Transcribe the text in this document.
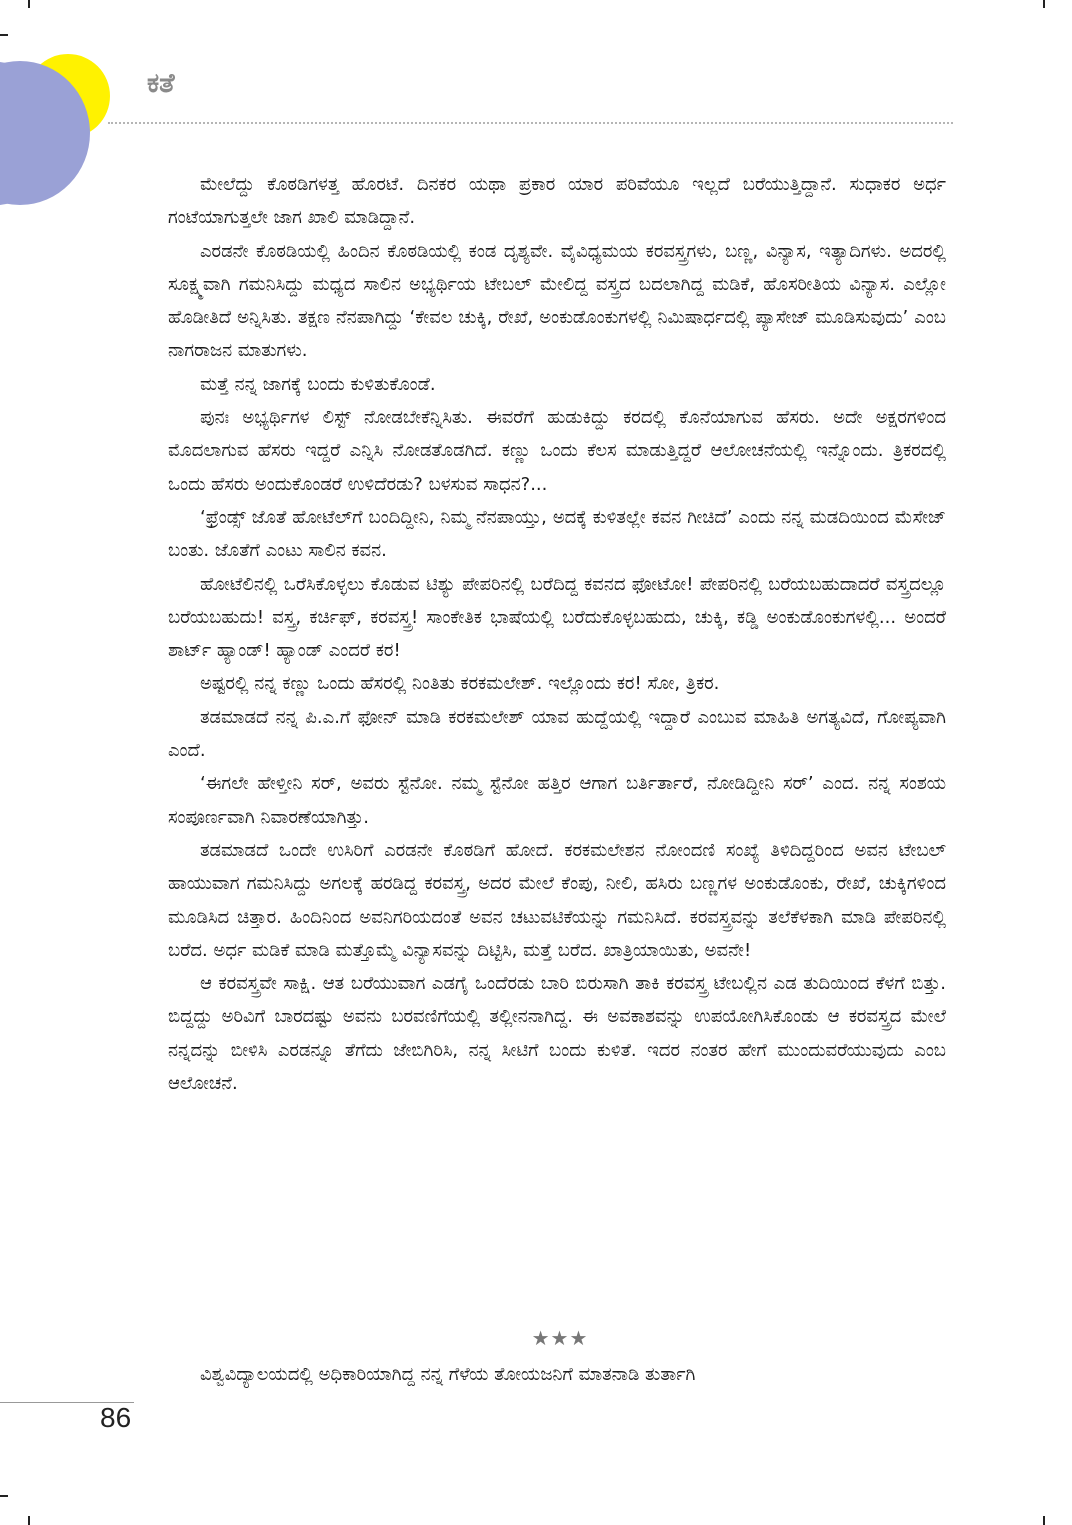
ಕತೆ

ಮೇಲೆದ್ದು ಕೊಠಡಿಗಳತ್ತ ಹೊರಟೆ. ದಿನಕರ ಯಥಾ ಪ್ರಕಾರ ಯಾರ ಪರಿವೆಯೂ ಇಲ್ಲದೆ ಬರೆಯುತ್ತಿದ್ದಾನೆ. ಸುಧಾಕರ ಅರ್ಧ ಗಂಟೆಯಾಗುತ್ತಲೇ ಜಾಗ ಖಾಲಿ ಮಾಡಿದ್ದಾನೆ.

ಎರಡನೇ ಕೊಠಡಿಯಲ್ಲಿ ಹಿಂದಿನ ಕೊಠಡಿಯಲ್ಲಿ ಕಂಡ ದೃಶ್ಯವೇ. ವೈವಿಧ್ಯಮಯ ಕರವಸ್ತ್ರಗಳು, ಬಣ್ಣ, ವಿನ್ಯಾಸ, ಇತ್ಯಾದಿಗಳು. ಅದರಲ್ಲಿ ಸೂಕ್ಷ್ಮವಾಗಿ ಗಮನಿಸಿದ್ದು ಮಧ್ಯದ ಸಾಲಿನ ಅಭ್ಯರ್ಥಿಯ ಟೇಬಲ್ ಮೇಲಿದ್ದ ವಸ್ತ್ರದ ಬದಲಾಗಿದ್ದ ಮಡಿಕೆ, ಹೊಸರೀತಿಯ ವಿನ್ಯಾಸ. ಎಲ್ಲೋ ಹೊಡೀತಿದೆ ಅನ್ನಿಸಿತು. ತಕ್ಷಣ ನೆನಪಾಗಿದ್ದು ‘ಕೇವಲ ಚುಕ್ಕಿ, ರೇಖೆ, ಅಂಕುಡೊಂಕುಗಳಲ್ಲಿ ನಿಮಿಷಾರ್ಧದಲ್ಲಿ ಪ್ಯಾಸೇಜ್ ಮೂಡಿಸುವುದು’ ಎಂಬ ನಾಗರಾಜನ ಮಾತುಗಳು.

ಮತ್ತೆ ನನ್ನ ಜಾಗಕ್ಕೆ ಬಂದು ಕುಳಿತುಕೊಂಡೆ.

ಪುನಃ ಅಭ್ಯರ್ಥಿಗಳ ಲಿಸ್ಟ್ ನೋಡಬೇಕೆನ್ನಿಸಿತು. ಈವರೆಗೆ ಹುಡುಕಿದ್ದು ಕರದಲ್ಲಿ ಕೊನೆಯಾಗುವ ಹೆಸರು. ಅದೇ ಅಕ್ಷರಗಳಿಂದ ಮೊದಲಾಗುವ ಹೆಸರು ಇದ್ದರೆ ಎನ್ನಿಸಿ ನೋಡತೊಡಗಿದೆ. ಕಣ್ಣು ಒಂದು ಕೆಲಸ ಮಾಡುತ್ತಿದ್ದರೆ ಆಲೋಚನೆಯಲ್ಲಿ ಇನ್ನೊಂದು. ತ್ರಿಕರದಲ್ಲಿ ಒಂದು ಹೆಸರು ಅಂದುಕೊಂಡರೆ ಉಳಿದೆರಡು? ಬಳಸುವ ಸಾಧನ?...

‘ಫ್ರೆಂಡ್ಸ್ ಜೊತೆ ಹೋಟೆಲ್‌ಗೆ ಬಂದಿದ್ದೀನಿ, ನಿಮ್ಮ ನೆನಪಾಯ್ತು, ಅದಕ್ಕೆ ಕುಳಿತಲ್ಲೇ ಕವನ ಗೀಚಿದೆ’ ಎಂದು ನನ್ನ ಮಡದಿಯಿಂದ ಮೆಸೇಜ್ ಬಂತು. ಜೊತೆಗೆ ಎಂಟು ಸಾಲಿನ ಕವನ.

ಹೋಟೆಲಿನಲ್ಲಿ ಒರೆಸಿಕೊಳ್ಳಲು ಕೊಡುವ ಟಿಶ್ಯು ಪೇಪರಿನಲ್ಲಿ ಬರೆದಿದ್ದ ಕವನದ ಫೋಟೋ! ಪೇಪರಿನಲ್ಲಿ ಬರೆಯಬಹುದಾದರೆ ವಸ್ತ್ರದಲ್ಲೂ ಬರೆಯಬಹುದು! ವಸ್ತ್ರ, ಕರ್ಚಿಫ್, ಕರವಸ್ತ್ರ! ಸಾಂಕೇತಿಕ ಭಾಷೆಯಲ್ಲಿ ಬರೆದುಕೊಳ್ಳಬಹುದು, ಚುಕ್ಕಿ, ಕಡ್ಡಿ ಅಂಕುಡೊಂಕುಗಳಲ್ಲಿ... ಅಂದರೆ ಶಾರ್ಟ್ ಹ್ಯಾಂಡ್! ಹ್ಯಾಂಡ್ ಎಂದರೆ ಕರ!

ಅಷ್ಟರಲ್ಲಿ ನನ್ನ ಕಣ್ಣು ಒಂದು ಹೆಸರಲ್ಲಿ ನಿಂತಿತು ಕರಕಮಲೇಶ್. ಇಲ್ಲೊಂದು ಕರ! ಸೋ, ತ್ರಿಕರ.

ತಡಮಾಡದೆ ನನ್ನ ಪಿ.ಎ.ಗೆ ಫೋನ್ ಮಾಡಿ ಕರಕಮಲೇಶ್ ಯಾವ ಹುದ್ದೆಯಲ್ಲಿ ಇದ್ದಾರೆ ಎಂಬುವ ಮಾಹಿತಿ ಅಗತ್ಯವಿದೆ, ಗೋಪ್ಯವಾಗಿ ಎಂದೆ.

‘ಈಗಲೇ ಹೇಳ್ತೀನಿ ಸರ್, ಅವರು ಸ್ಟೆನೋ. ನಮ್ಮ ಸ್ಟೆನೋ ಹತ್ತಿರ ಆಗಾಗ ಬರ್ತಿರ್ತಾರೆ, ನೋಡಿದ್ದೀನಿ ಸರ್’ ಎಂದ. ನನ್ನ ಸಂಶಯ ಸಂಪೂರ್ಣವಾಗಿ ನಿವಾರಣೆಯಾಗಿತ್ತು.

ತಡಮಾಡದೆ ಒಂದೇ ಉಸಿರಿಗೆ ಎರಡನೇ ಕೊಠಡಿಗೆ ಹೋದೆ. ಕರಕಮಲೇಶನ ನೋಂದಣಿ ಸಂಖ್ಯೆ ತಿಳಿದಿದ್ದರಿಂದ ಅವನ ಟೇಬಲ್ ಹಾಯುವಾಗ ಗಮನಿಸಿದ್ದು ಅಗಲಕ್ಕೆ ಹರಡಿದ್ದ ಕರವಸ್ತ್ರ, ಅದರ ಮೇಲೆ ಕೆಂಪು, ನೀಲಿ, ಹಸಿರು ಬಣ್ಣಗಳ ಅಂಕುಡೊಂಕು, ರೇಖೆ, ಚುಕ್ಕಿಗಳಿಂದ ಮೂಡಿಸಿದ ಚಿತ್ತಾರ. ಹಿಂದಿನಿಂದ ಅವನಿಗರಿಯದಂತೆ ಅವನ ಚಟುವಟಿಕೆಯನ್ನು ಗಮನಿಸಿದೆ. ಕರವಸ್ತ್ರವನ್ನು ತಲೆಕೆಳಕಾಗಿ ಮಾಡಿ ಪೇಪರಿನಲ್ಲಿ ಬರೆದ. ಅರ್ಧ ಮಡಿಕೆ ಮಾಡಿ ಮತ್ತೊಮ್ಮೆ ವಿನ್ಯಾಸವನ್ನು ದಿಟ್ಟಿಸಿ, ಮತ್ತೆ ಬರೆದ. ಖಾತ್ರಿಯಾಯಿತು, ಅವನೇ!

ಆ ಕರವಸ್ತ್ರವೇ ಸಾಕ್ಷಿ. ಆತ ಬರೆಯುವಾಗ ಎಡಗೈ ಒಂದೆರಡು ಬಾರಿ ಬಿರುಸಾಗಿ ತಾಕಿ ಕರವಸ್ತ್ರ ಟೇಬಲ್ಲಿನ ಎಡ ತುದಿಯಿಂದ ಕೆಳಗೆ ಬಿತ್ತು. ಬಿದ್ದದ್ದು ಅರಿವಿಗೆ ಬಾರದಷ್ಟು ಅವನು ಬರವಣಿಗೆಯಲ್ಲಿ ತಲ್ಲೀನನಾಗಿದ್ದ. ಈ ಅವಕಾಶವನ್ನು ಉಪಯೋಗಿಸಿಕೊಂಡು ಆ ಕರವಸ್ತ್ರದ ಮೇಲೆ ನನ್ನದನ್ನು ಬೀಳಿಸಿ ಎರಡನ್ನೂ ತೆಗೆದು ಜೇಬಿಗಿರಿಸಿ, ನನ್ನ ಸೀಟಿಗೆ ಬಂದು ಕುಳಿತೆ. ಇದರ ನಂತರ ಹೇಗೆ ಮುಂದುವರೆಯುವುದು ಎಂಬ ಆಲೋಚನೆ.

★★★

ವಿಶ್ವವಿದ್ಯಾಲಯದಲ್ಲಿ ಅಧಿಕಾರಿಯಾಗಿದ್ದ ನನ್ನ ಗೆಳೆಯ ತೋಯಜನಿಗೆ ಮಾತನಾಡಿ ತುರ್ತಾಗಿ

86
